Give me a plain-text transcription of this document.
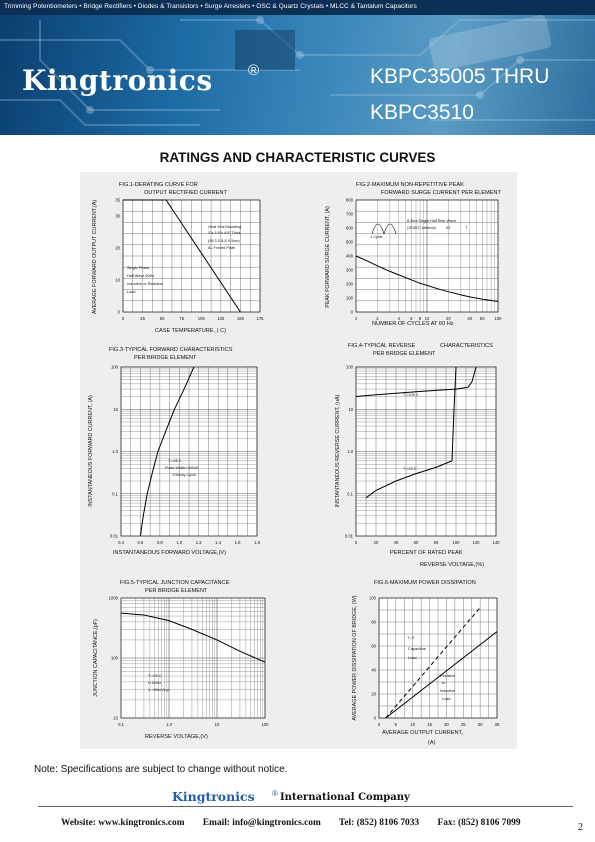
Trimming Potentiometers • Bridge Rectifiers • Diodes & Transistors • Surge Arresters • OSC & Quartz Crystals • MLCC & Tantalum Capacitors
Kingtronics ®	KBPC35005 THRU
KBPC3510
RATINGS AND CHARACTERISTIC CURVES
0	25	50	75	100	125	150	175
0
10
20
30
35
FIG.1-DERATING CURVE FOR
OUTPUT RECTIFIED CURRENT
CASE TEMPERATURE, ( C)
AVERAGE FORWARD OUTPUT CURRENT,(A)
1	2	4 6 8 10	20	40 60 100
0
100
200
300
400
500
600
700
800
FIG.2-MAXIMUM NON-REPETITIVE PEAK
FORWARD SURGE CURRENT PER ELEMENT
NUMBER OF CYCLES AT 60 Hz
PEAK FORWARD SURGE CURRENT, (A)
0.4	0.6	0.8	1.0	1.2	1.4	1.6	1.8
0.01
0.1
1.0
10
100
FIG.3-TYPICAL FORWARD CHARACTERISTICS
PER BRIDGE ELEMENT
INSTANTANEOUS FORWARD VOLTAGE,(V)
INSTANTANEOUS FORWARD CURRENT, (A)
0	20	40	60	80	100	120	140
0.01
0.1
1.0
10
100
FIG.4-TYPICAL REVERSE
PER BRIDGE ELEMENT
CHARACTERISTICS
PERCENT OF RATED PEAK
REVERSE VOLTAGE,(%)
INSTANTANEOUS REVERSE CURRENT, (uA)
0.1	1.0	10	100
10
100
1000
FIG.5-TYPICAL JUNCTION CAPACITANCE
PER BRIDGE ELEMENT
REVERSE VOLTAGE,(V)
JUNCTION CAPACITANCE,(pF)
0	5	10	15	20	25	30	35
0
20
40
60
80
100
FIG.6-MAXIMUM POWER DISSIPATION
AVERAGE OUTPUT CURRENT,
(A)
AVERAGE POWER DISSIPATION OF BRIDGE, (W)
Heat Sink Mounting
3"x 3.9"x 4.9" Thick
(39.3 X 8.8 X 5cm)
AL Finned Plate
Single Phase
Half Wave 60Hz
Inductive or Resistive
Load
8.3ms Single Half Sine-Wave
(JEDEC Method)	AT	T
1 Cycle
T =25 C
Pulse Width=300uS
1%Duty Cycle
T =100 C
T =25 C
T =25 C
f=1MHz
V =50mVp-p
T =T
Capacitive
Load
Resistive
or
Inductive
Load
Note: Specifications are subject to change without notice.
Kingtronics ® International Company
Website: www.kingtronics.com Email: info@kingtronics.com Tel: (852) 8106 7033 Fax: (852) 8106 7099	2
